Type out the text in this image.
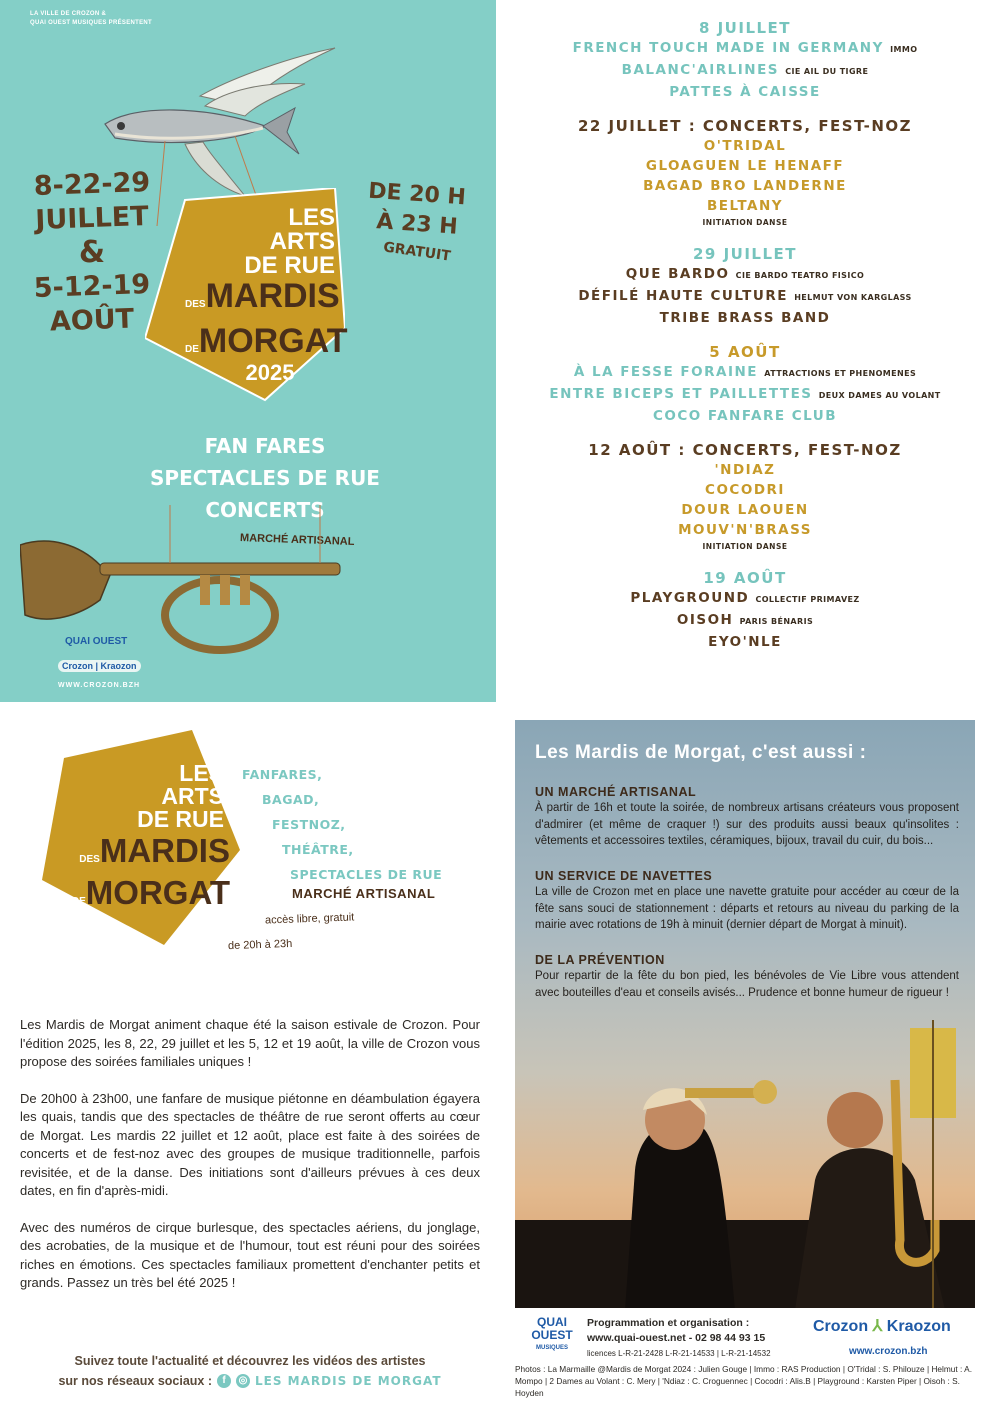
LA VILLE DE CROZON &
QUAI OUEST MUSIQUES PRÉSENTENT
8-22-29
JUILLET
&
5-12-19
AOÛT
DE 20 H
À 23 H
GRATUIT
LES
ARTS
DE RUE
DESMARDIS
DEMORGAT
2025
FAN FARES
SPECTACLES DE RUE
CONCERTS
MARCHÉ ARTISANAL
QUAI OUEST
Crozon | Kraozon
WWW.CROZON.BZH
8 JUILLET
FRENCH TOUCH MADE IN GERMANY IMMO
BALANC'AIRLINES CIE AIL DU TIGRE
PATTES À CAISSE
22 JUILLET : CONCERTS, FEST-NOZ
O'TRIDAL
GLOAGUEN LE HENAFF
BAGAD BRO LANDERNE
BELTANY
INITIATION DANSE
29 JUILLET
QUE BARDO CIE BARDO TEATRO FISICO
DÉFILÉ HAUTE CULTURE HELMUT VON KARGLASS
TRIBE BRASS BAND
5 AOÛT
À LA FESSE FORAINE ATTRACTIONS ET PHENOMENES
ENTRE BICEPS ET PAILLETTES DEUX DAMES AU VOLANT
COCO FANFARE CLUB
12 AOÛT : CONCERTS, FEST-NOZ
'NDIAZ
COCODRI
DOUR LAOUEN
MOUV'N'BRASS
INITIATION DANSE
19 AOÛT
PLAYGROUND COLLECTIF PRIMAVEZ
OISOH PARIS BÉNARIS
EYO'NLE
LES
ARTS
DE RUE
DESMARDIS
DEMORGAT
FANFARES,
BAGAD,
FESTNOZ,
THÉÂTRE,
SPECTACLES DE RUE
MARCHÉ ARTISANAL
accès libre, gratuit
de 20h à 23h

Les Mardis de Morgat animent chaque été la saison estivale de Crozon. Pour l'édition 2025, les 8, 22, 29 juillet et les 5, 12 et 19 août, la ville de Crozon vous propose des soirées familiales uniques !

De 20h00 à 23h00, une fanfare de musique piétonne en déambulation égayera les quais, tandis que des spectacles de théâtre de rue seront offerts au cœur de Morgat. Les mardis 22 juillet et 12 août, place est faite à des soirées de concerts et de fest-noz avec des groupes de musique traditionnelle, parfois revisitée, et de la danse. Des initiations sont d'ailleurs prévues à ces deux dates, en fin d'après-midi.

Avec des numéros de cirque burlesque, des spectacles aériens, du jonglage, des acrobaties, de la musique et de l'humour, tout est réuni pour des soirées riches en émotions. Ces spectacles familiaux promettent d'enchanter petits et grands. Passez un très bel été 2025 !

Suivez toute l'actualité et découvrez les vidéos des artistes
sur nos réseaux sociaux :	f	◎ LES MARDIS DE MORGAT
Les Mardis de Morgat, c'est aussi :
UN MARCHÉ ARTISANAL

À partir de 16h et toute la soirée, de nombreux artisans créateurs vous proposent d'admirer (et même de craquer !) sur des produits aussi beaux qu'insolites : vêtements et accessoires textiles, céramiques, bijoux, travail du cuir, du bois...

UN SERVICE DE NAVETTES

La ville de Crozon met en place une navette gratuite pour accéder au cœur de la fête sans souci de stationnement : départs et retours au niveau du parking de la mairie avec rotations de 19h à minuit (dernier départ de Morgat à minuit).

DE LA PRÉVENTION

Pour repartir de la fête du bon pied, les bénévoles de Vie Libre vous attendent avec bouteilles d'eau et conseils avisés... Prudence et bonne humeur de rigueur !

QUAI OUEST
MUSIQUES
Programmation et organisation :
www.quai-ouest.net - 02 98 44 93 15
licences L-R-21-2428 L-R-21-14533 | L-R-21-14532
Crozon ⅄ Kraozon
www.crozon.bzh
Photos : La Marmaille @Mardis de Morgat 2024 : Julien Gouge | Immo : RAS Production | O'Tridal : S. Philouze | Helmut : A. Mompo | 2 Dames au Volant : C. Mery | 'Ndiaz : C. Croguennec | Cocodri : Alis.B | Playground : Karsten Piper | Oisoh : S. Hoyden
